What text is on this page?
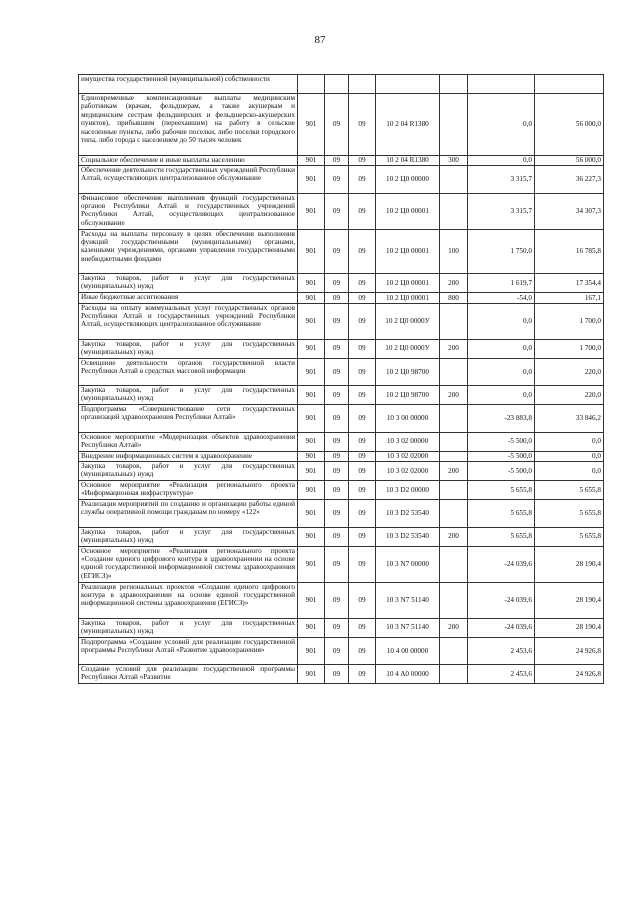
87
имущества государственной (муниципальной) собственности							
Единовременные компенсационные выплаты медицинским работникам (врачам, фельдшерам, а также акушеркам и медицинским сестрам фельдшерских и фельдшерско-акушерских пунктов), прибывшим (переехавшим) на работу в сельские населенные пункты, либо рабочие поселки, либо поселки городского типа, либо города с населением до 50 тысяч человек	901	09	09	10 2 04 R1380		0,0	56 000,0
Социальное обеспечение и иные выплаты населению	901	09	09	10 2 04 R1380	300	0,0	56 000,0
Обеспечение деятельности государственных учреждений Республики Алтай, осуществляющих централизованное обслуживание	901	09	09	10 2 Ц0 00000		3 315,7	36 227,3
Финансовое обеспечение выполнения функций государственных органов Республики Алтай и государственных учреждений Республики Алтай, осуществляющих централизованное обслуживание	901	09	09	10 2 Ц0 00001		3 315,7	34 307,3
Расходы на выплаты персоналу в целях обеспечения выполнения функций государственными (муниципальными) органами, казенными учреждениями, органами управления государственными внебюджетными фондами	901	09	09	10 2 Ц0 00001	100	1 750,0	16 785,8
Закупка товаров, работ и услуг для государственных (муниципальных) нужд	901	09	09	10 2 Ц0 00001	200	1 619,7	17 354,4
Иные бюджетные ассигнования	901	09	09	10 2 Ц0 00001	800	-54,0	167,1
Расходы на оплату коммунальных услуг государственных органов Республики Алтай и государственных учреждений Республики Алтай, осуществляющих централизованное обслуживание	901	09	09	10 2 Ц0 0000У		0,0	1 700,0
Закупка товаров, работ и услуг для государственных (муниципальных) нужд	901	09	09	10 2 Ц0 0000У	200	0,0	1 700,0
Освещение деятельности органов государственной власти Республики Алтай в средствах массовой информации	901	09	09	10 2 Ц0 98700		0,0	220,0
Закупка товаров, работ и услуг для государственных (муниципальных) нужд	901	09	09	10 2 Ц0 98700	200	0,0	220,0
Подпрограмма «Совершенствование сети государственных организаций здравоохранения Республики Алтай»	901	09	09	10 3 00 00000		-23 883,8	33 846,2
Основное мероприятие «Модернизация объектов здравоохранения Республики Алтай»	901	09	09	10 3 02 00000		-5 500,0	0,0
Внедрение информационных систем в здравоохранение	901	09	09	10 3 02 02000		-5 500,0	0,0
Закупка товаров, работ и услуг для государственных (муниципальных) нужд	901	09	09	10 3 02 02000	200	-5 500,0	0,0
Основное мероприятие «Реализация регионального проекта «Информационная инфраструктура»	901	09	09	10 3 D2 00000		5 655,8	5 655,8
Реализация мероприятий по созданию и организации работы единой службы оперативной помощи гражданам по номеру «122»	901	09	09	10 3 D2 53540		5 655,8	5 655,8
Закупка товаров, работ и услуг для государственных (муниципальных) нужд	901	09	09	10 3 D2 53540	200	5 655,8	5 655,8
Основное мероприятие «Реализация регионального проекта «Создание единого цифрового контура в здравоохранении на основе единой государственной информационной системы здравоохранения (ЕГИСЗ)»	901	09	09	10 3 N7 00000		-24 039,6	28 190,4
Реализация региональных проектов «Создание единого цифрового контура в здравоохранении на основе единой государственной информационной системы здравоохранения (ЕГИСЗ)»	901	09	09	10 3 N7 51140		-24 039,6	28 190,4
Закупка товаров, работ и услуг для государственных (муниципальных) нужд	901	09	09	10 3 N7 51140	200	-24 039,6	28 190,4
Подпрограмма «Создание условий для реализации государственной программы Республики Алтай «Развитие здравоохранения»	901	09	09	10 4 00 00000		2 453,6	24 926,8
Создание условий для реализации государственной программы Республики Алтай «Развитие	901	09	09	10 4 A0 00000		2 453,6	24 926,8
